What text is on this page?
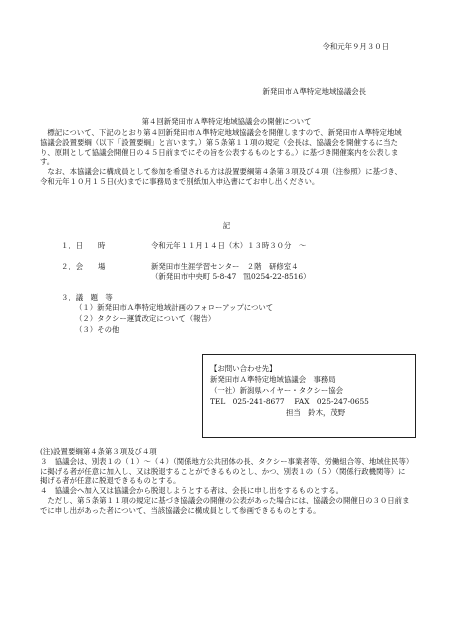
令和元年９月３０日
新発田市Ａ準特定地域協議会長
第４回新発田市Ａ準特定地域協議会の開催について

　標記について、下記のとおり第４回新発田市Ａ準特定地域協議会を開催しますので、新発田市Ａ準特定地域協議会設置要綱（以下「設置要綱」と言います。）第５条第１１項の規定（会長は、協議会を開催するに当たり、原則として協議会開催日の４５日前までにその旨を公表するものとする。）に基づき開催案内を公表します。

　なお、本協議会に構成員として参加を希望される方は設置要綱第４条第３項及び４項（注参照）に基づき、令和元年１０月１５日(火)までに事務局まで別紙加入申込書にてお申し出ください。

記
１．日　　時	令和元年１１月１４日（木）１３時３０分　～
２．会　　場	新発田市生涯学習センター　２階　研修室４
（新発田市中央町 5-8-47　℡0254-22-8516）
３．議　題　等
（１）新発田市Ａ準特定地域計画のフォローアップについて
（２）タクシー運賃改定について（報告）
（３）その他
【お問い合わせ先】
新発田市Ａ準特定地域協議会　事務局
（一社）新潟県ハイヤー・タクシー協会
TEL　025-241-8677　 FAX　025-247-0655
担当　鈴木，茂野
(注)設置要綱第４条第３項及び４項
３　協議会は、別表１の（１）～（４）（関係地方公共団体の長、タクシー事業者等、労働組合等、地域住民等）に掲げる者が任意に加入し、又は脱退することができるものとし、かつ、別表１の（５）（関係行政機関等）に掲げる者が任意に脱退できるものとする。
４　協議会へ加入又は協議会から脱退しようとする者は、会長に申し出をするものとする。
　ただし、第５条第１１項の規定に基づき協議会の開催の公表があった場合には、協議会の開催日の３０日前までに申し出があった者について、当該協議会に構成員として参画できるものとする。
